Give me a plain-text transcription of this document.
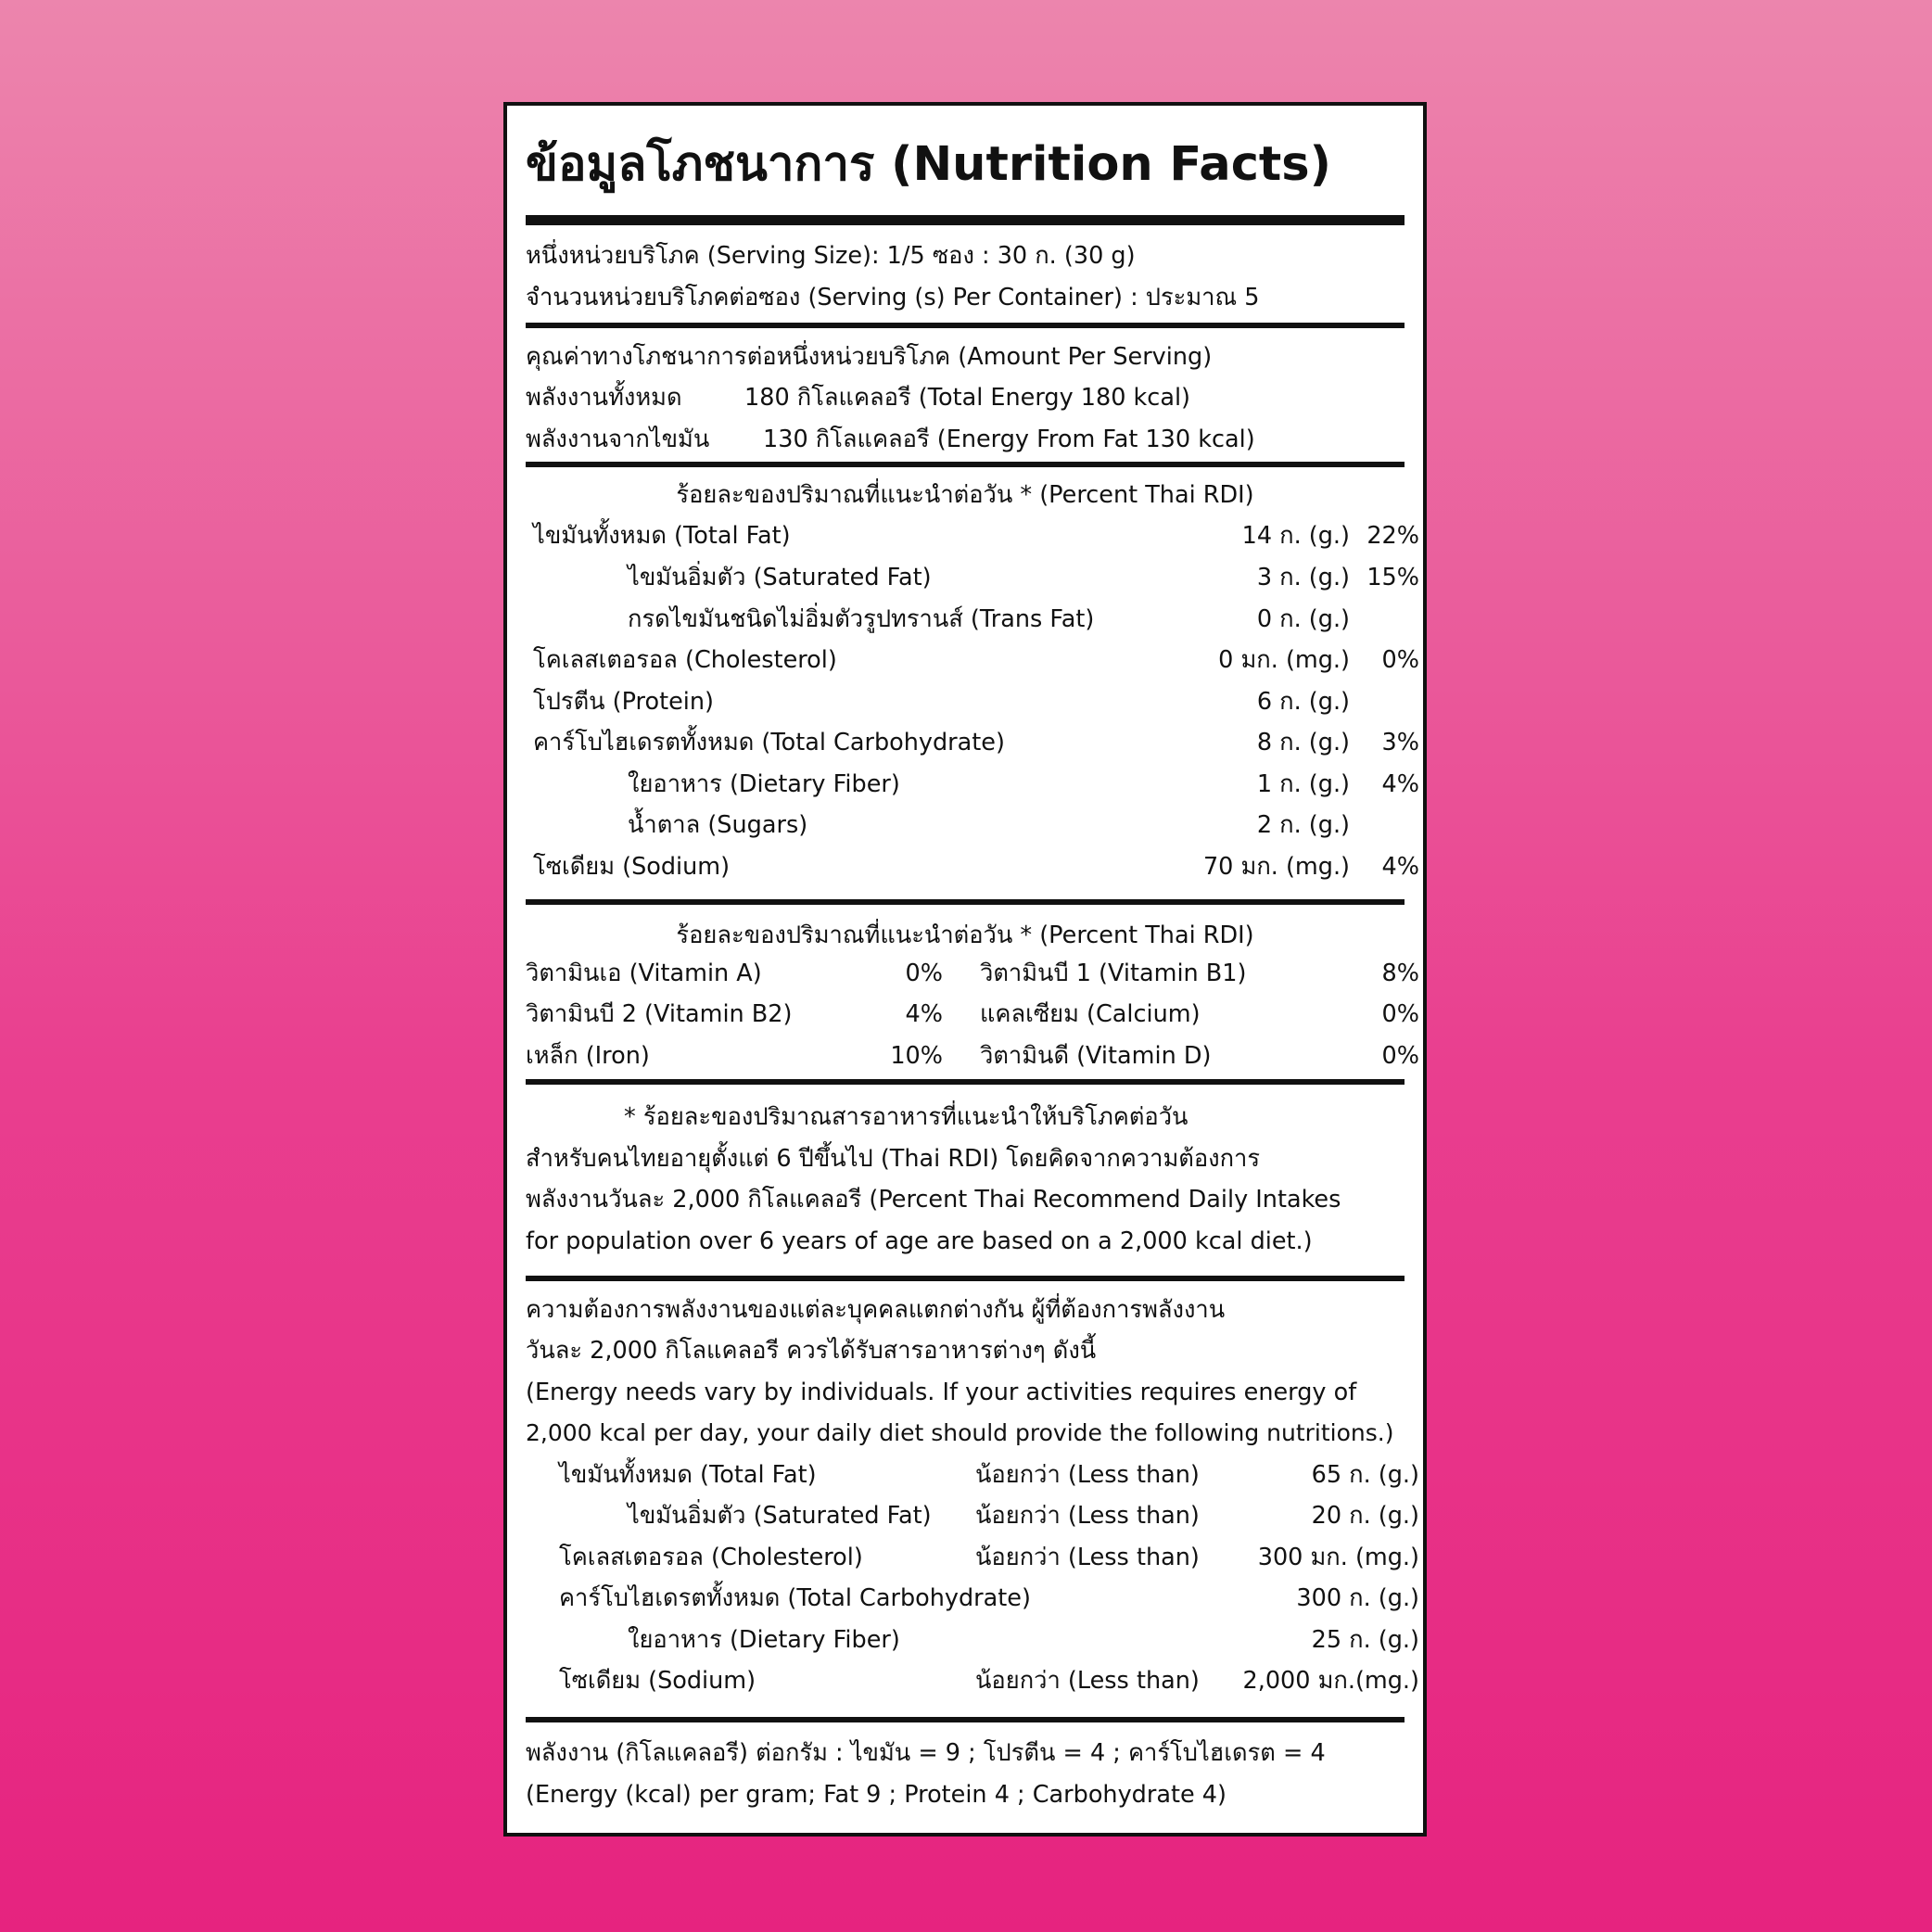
ข้อมูลโภชนาการ (Nutrition Facts)
หนึ่งหน่วยบริโภค (Serving Size): 1/5 ซอง : 30 ก. (30 g)
จำนวนหน่วยบริโภคต่อซอง (Serving (s) Per Container) : ประมาณ 5
คุณค่าทางโภชนาการต่อหนึ่งหน่วยบริโภค (Amount Per Serving)
พลังงานทั้งหมด	180 กิโลแคลอรี (Total Energy 180 kcal)
พลังงานจากไขมัน 130 กิโลแคลอรี (Energy From Fat 130 kcal)
ร้อยละของปริมาณที่แนะนำต่อวัน * (Percent Thai RDI)
ไขมันทั้งหมด (Total Fat)	14 ก. (g.) 22%
ไขมันอิ่มตัว (Saturated Fat)	3 ก. (g.) 15%
กรดไขมันชนิดไม่อิ่มตัวรูปทรานส์ (Trans Fat)	0 ก. (g.)
โคเลสเตอรอล (Cholesterol)	0 มก. (mg.)	0%
โปรตีน (Protein)	6 ก. (g.)
คาร์โบไฮเดรตทั้งหมด (Total Carbohydrate)	8 ก. (g.)	3%
ใยอาหาร (Dietary Fiber)	1 ก. (g.)	4%
น้ำตาล (Sugars)	2 ก. (g.)
โซเดียม (Sodium)	70 มก. (mg.)	4%
ร้อยละของปริมาณที่แนะนำต่อวัน * (Percent Thai RDI)
วิตามินเอ (Vitamin A)	0% วิตามินบี 1 (Vitamin B1)	8%
วิตามินบี 2 (Vitamin B2)	4% แคลเซียม (Calcium)	0%
เหล็ก (Iron)	10% วิตามินดี (Vitamin D)	0%
* ร้อยละของปริมาณสารอาหารที่แนะนำให้บริโภคต่อวัน
สำหรับคนไทยอายุตั้งแต่ 6 ปีขึ้นไป (Thai RDI) โดยคิดจากความต้องการ
พลังงานวันละ 2,000 กิโลแคลอรี (Percent Thai Recommend Daily Intakes
for population over 6 years of age are based on a 2,000 kcal diet.)
ความต้องการพลังงานของแต่ละบุคคลแตกต่างกัน ผู้ที่ต้องการพลังงาน
วันละ 2,000 กิโลแคลอรี ควรได้รับสารอาหารต่างๆ ดังนี้
(Energy needs vary by individuals. If your activities requires energy of
2,000 kcal per day, your daily diet should provide the following nutritions.)
ไขมันทั้งหมด (Total Fat)	น้อยกว่า (Less than)	65 ก. (g.)
ไขมันอิ่มตัว (Saturated Fat) น้อยกว่า (Less than)	20 ก. (g.)
โคเลสเตอรอล (Cholesterol)	น้อยกว่า (Less than)	300 มก. (mg.)
คาร์โบไฮเดรตทั้งหมด (Total Carbohydrate)	300 ก. (g.)
ใยอาหาร (Dietary Fiber)	25 ก. (g.)
โซเดียม (Sodium)	น้อยกว่า (Less than)	2,000 มก.(mg.)
พลังงาน (กิโลแคลอรี) ต่อกรัม : ไขมัน = 9 ; โปรตีน = 4 ; คาร์โบไฮเดรต = 4
(Energy (kcal) per gram; Fat 9 ; Protein 4 ; Carbohydrate 4)
